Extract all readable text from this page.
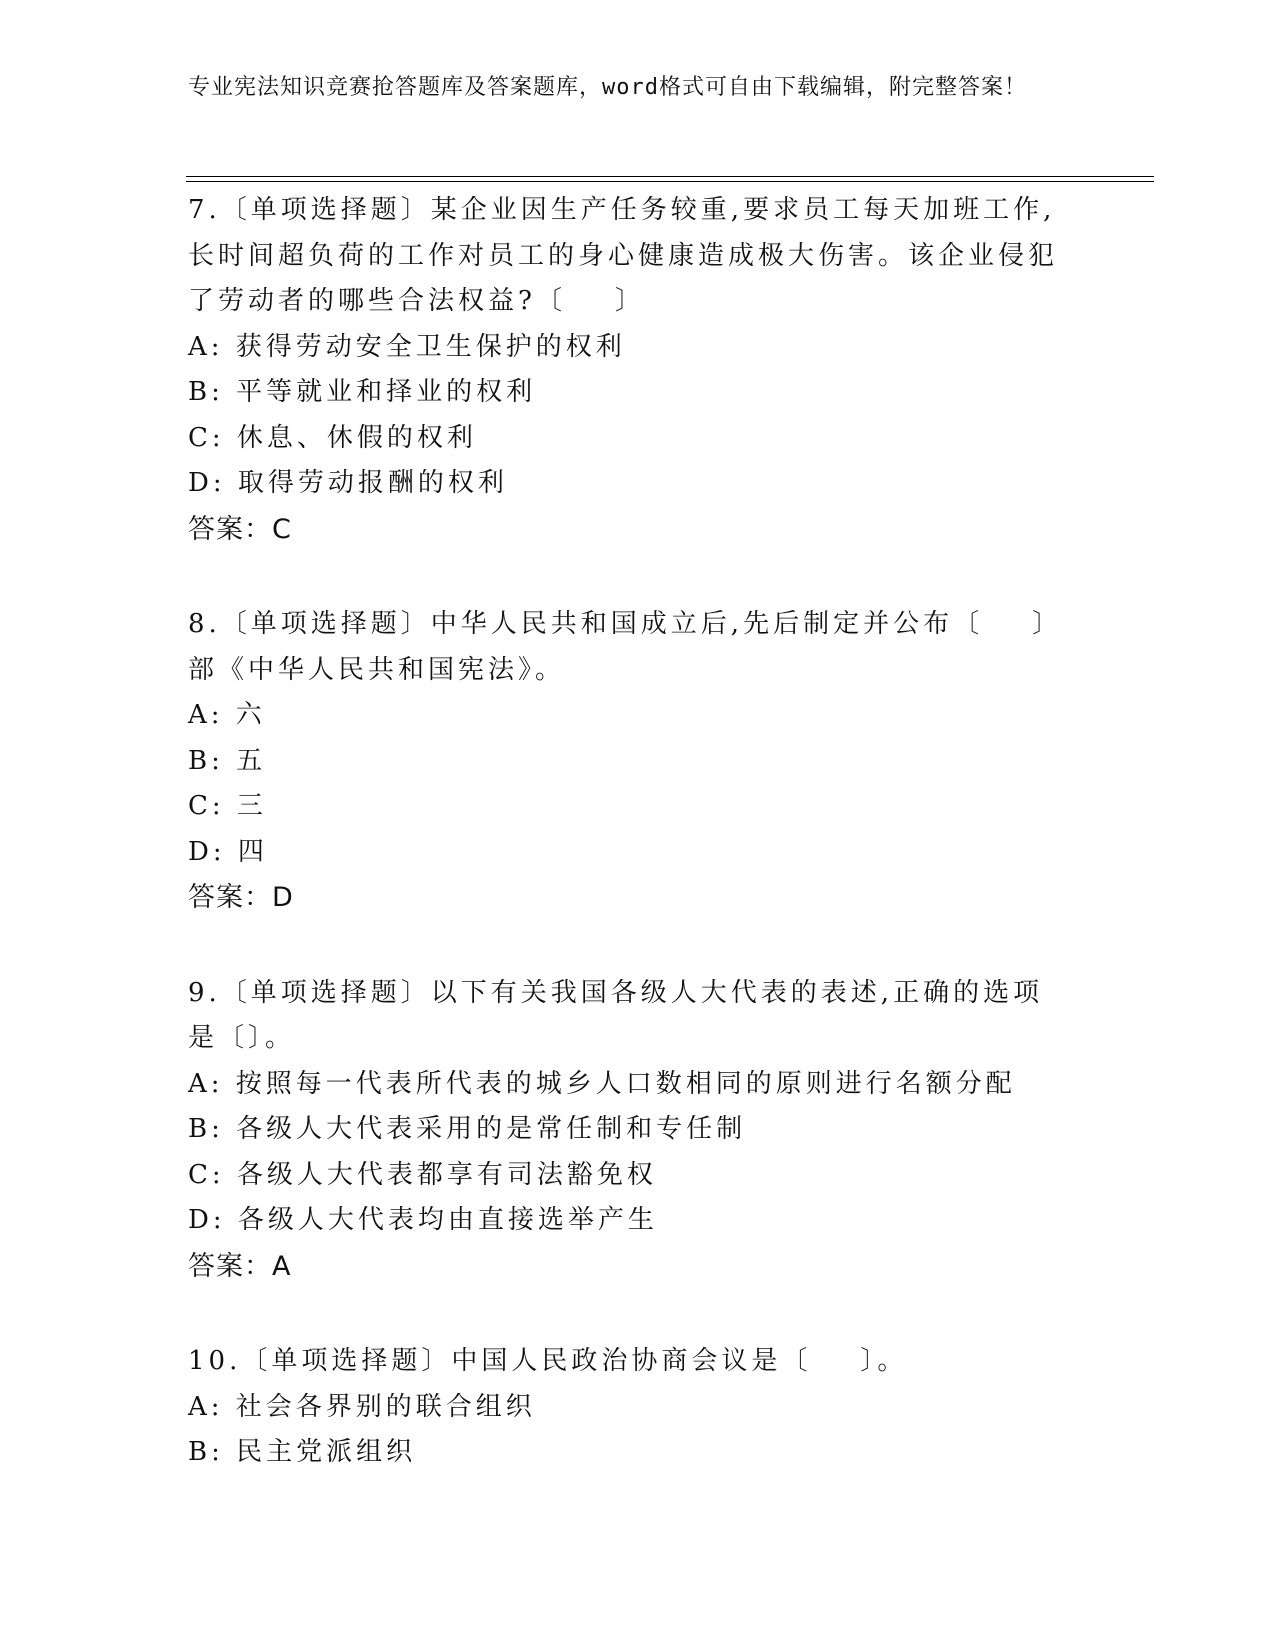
专业宪法知识竞赛抢答题库及答案题库，word格式可自由下载编辑，附完整答案！
7.〔单项选择题〕某企业因生产任务较重,要求员工每天加班工作,长时间超负荷的工作对员工的身心健康造成极大伤害。该企业侵犯了劳动者的哪些合法权益?〔    〕
A: 获得劳动安全卫生保护的权利
B: 平等就业和择业的权利
C: 休息、休假的权利
D: 取得劳动报酬的权利
答案：C
8.〔单项选择题〕中华人民共和国成立后,先后制定并公布〔    〕部《中华人民共和国宪法》。
A: 六
B: 五
C: 三
D: 四
答案：D
9.〔单项选择题〕以下有关我国各级人大代表的表述,正确的选项是〔〕。
A: 按照每一代表所代表的城乡人口数相同的原则进行名额分配
B: 各级人大代表采用的是常任制和专任制
C: 各级人大代表都享有司法豁免权
D: 各级人大代表均由直接选举产生
答案：A
10.〔单项选择题〕中国人民政治协商会议是〔    〕。
A: 社会各界别的联合组织
B: 民主党派组织
